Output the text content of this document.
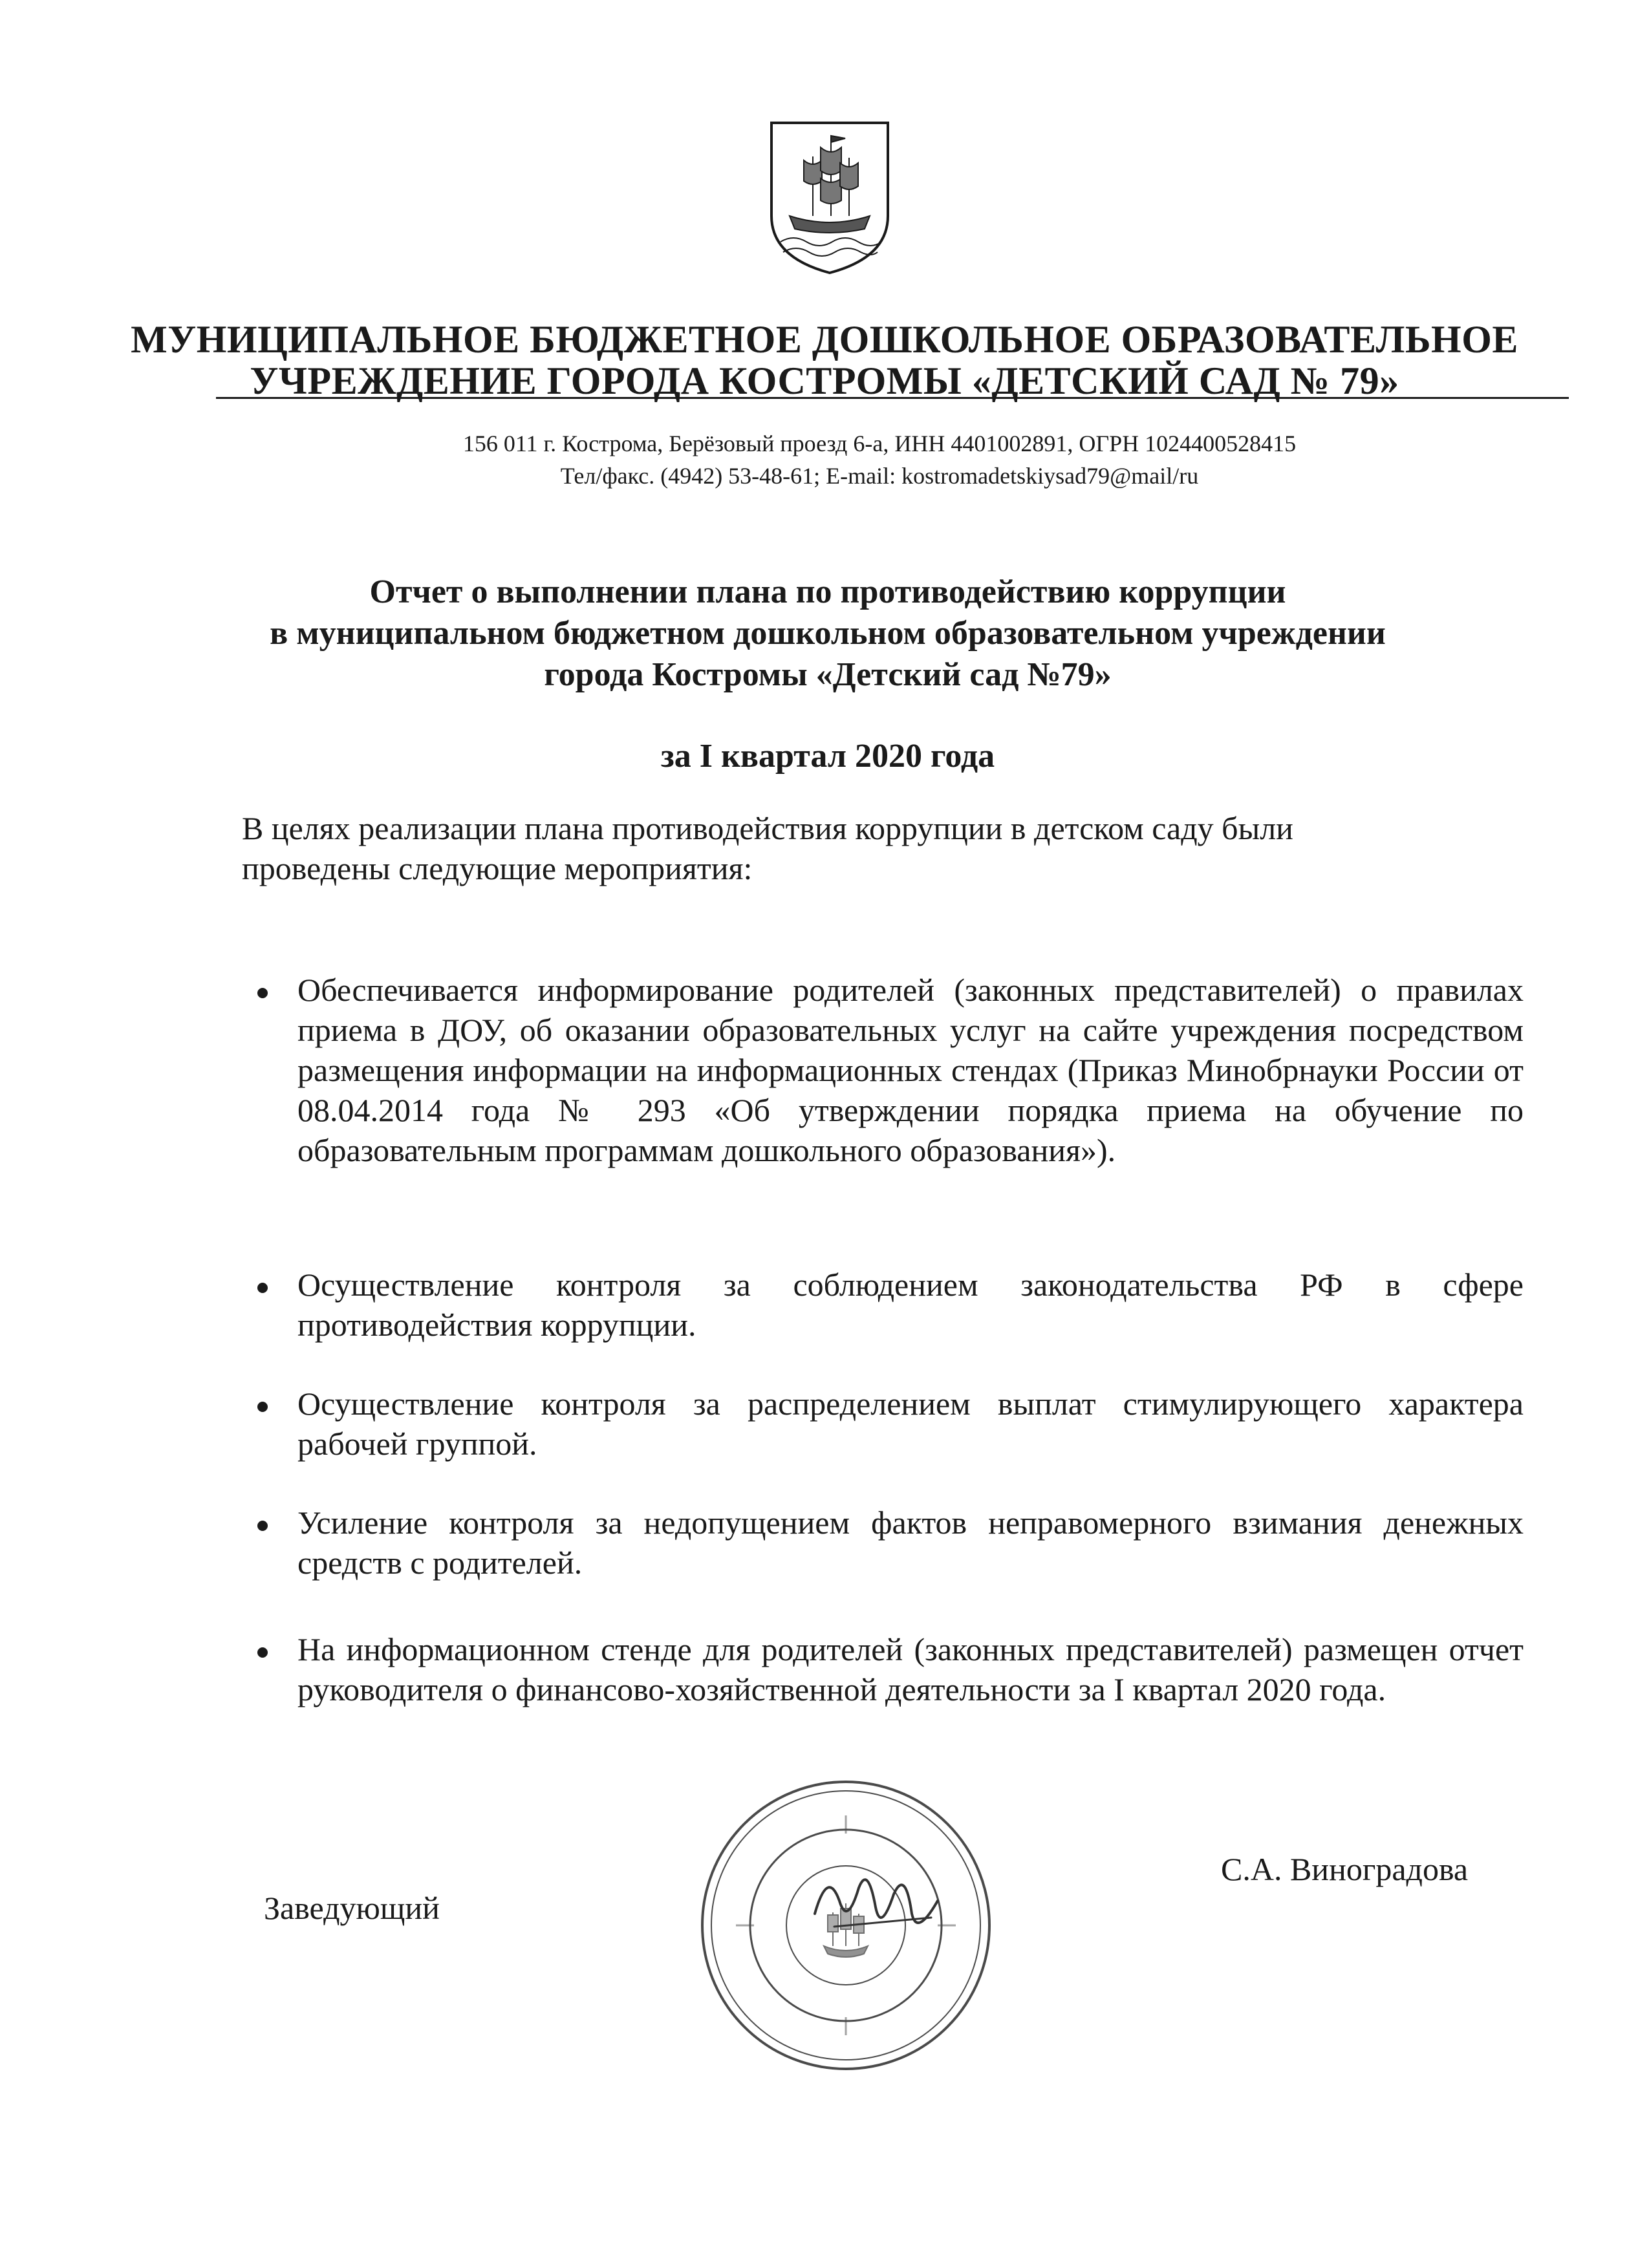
МУНИЦИПАЛЬНОЕ БЮДЖЕТНОЕ ДОШКОЛЬНОЕ ОБРАЗОВАТЕЛЬНОЕ
УЧРЕЖДЕНИЕ ГОРОДА КОСТРОМЫ «ДЕТСКИЙ САД № 79»
156 011 г. Кострома, Берёзовый проезд 6-а, ИНН 4401002891, ОГРН 1024400528415
Тел/факс. (4942) 53-48-61; E-mail: kostromadetskiysad79@mail/ru
Отчет о выполнении плана по противодействию коррупции
в муниципальном бюджетном дошкольном образовательном учреждении
города Костромы «Детский сад №79»
за I квартал 2020 года
В целях реализации плана противодействия коррупции в детском саду были
проведены следующие мероприятия:
Обеспечивается информирование родителей (законных представителей) о правилах приема в ДОУ, об оказании образовательных услуг на сайте учреждения посредством размещения информации на информационных стендах (Приказ Минобрнауки России от 08.04.2014 года № 293 «Об утверждении порядка приема на обучение по образовательным программам дошкольного образования»).
Осуществление контроля за соблюдением законодательства РФ в сфере противодействия коррупции.
Осуществление контроля за распределением выплат стимулирующего характера рабочей группой.
Усиление контроля за недопущением фактов неправомерного взимания денежных средств с родителей.
На информационном стенде для родителей (законных представителей) размещен отчет руководителя о финансово-хозяйственной деятельности за I квартал 2020 года.
Заведующий
С.А. Виноградова
